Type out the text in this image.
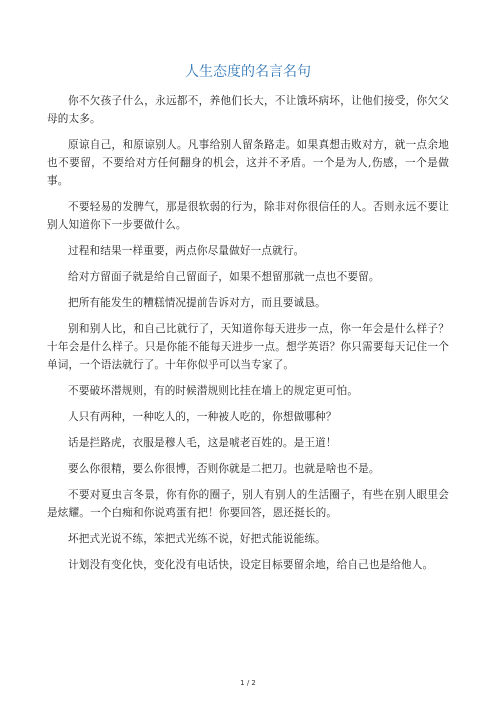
人生态度的名言名句

你不欠孩子什么，永远都不，养他们长大，不让饿坏病坏，让他们接受，你欠父母的太多。

原谅自己，和原谅别人。凡事给别人留条路走。如果真想击败对方，就一点余地也不要留，不要给对方任何翻身的机会，这并不矛盾。一个是为人,伤感，一个是做事。

不要轻易的发脾气，那是很软弱的行为，除非对你很信任的人。否则永远不要让别人知道你下一步要做什么。

过程和结果一样重要，两点你尽量做好一点就行。

给对方留面子就是给自己留面子，如果不想留那就一点也不要留。

把所有能发生的糟糕情况提前告诉对方，而且要诚恳。

别和别人比，和自己比就行了，天知道你每天进步一点，你一年会是什么样子？十年会是什么样子。只是你能不能每天进步一点。想学英语？你只需要每天记住一个单词，一个语法就行了。十年你似乎可以当专家了。

不要破坏潜规则，有的时候潜规则比挂在墙上的规定更可怕。

人只有两种，一种吃人的，一种被人吃的，你想做哪种？

话是拦路虎，衣服是穆人毛，这是唬老百姓的。是王道！

要么你很精，要么你很博，否则你就是二把刀。也就是啥也不是。

不要对夏虫言冬景，你有你的圈子，别人有别人的生活圈子，有些在别人眼里会是炫耀。一个白痴和你说鸡蛋有把！你要回答，恩还挺长的。

坏把式光说不练，笨把式光练不说，好把式能说能练。

计划没有变化快，变化没有电话快，设定目标要留余地，给自己也是给他人。

1 / 2
